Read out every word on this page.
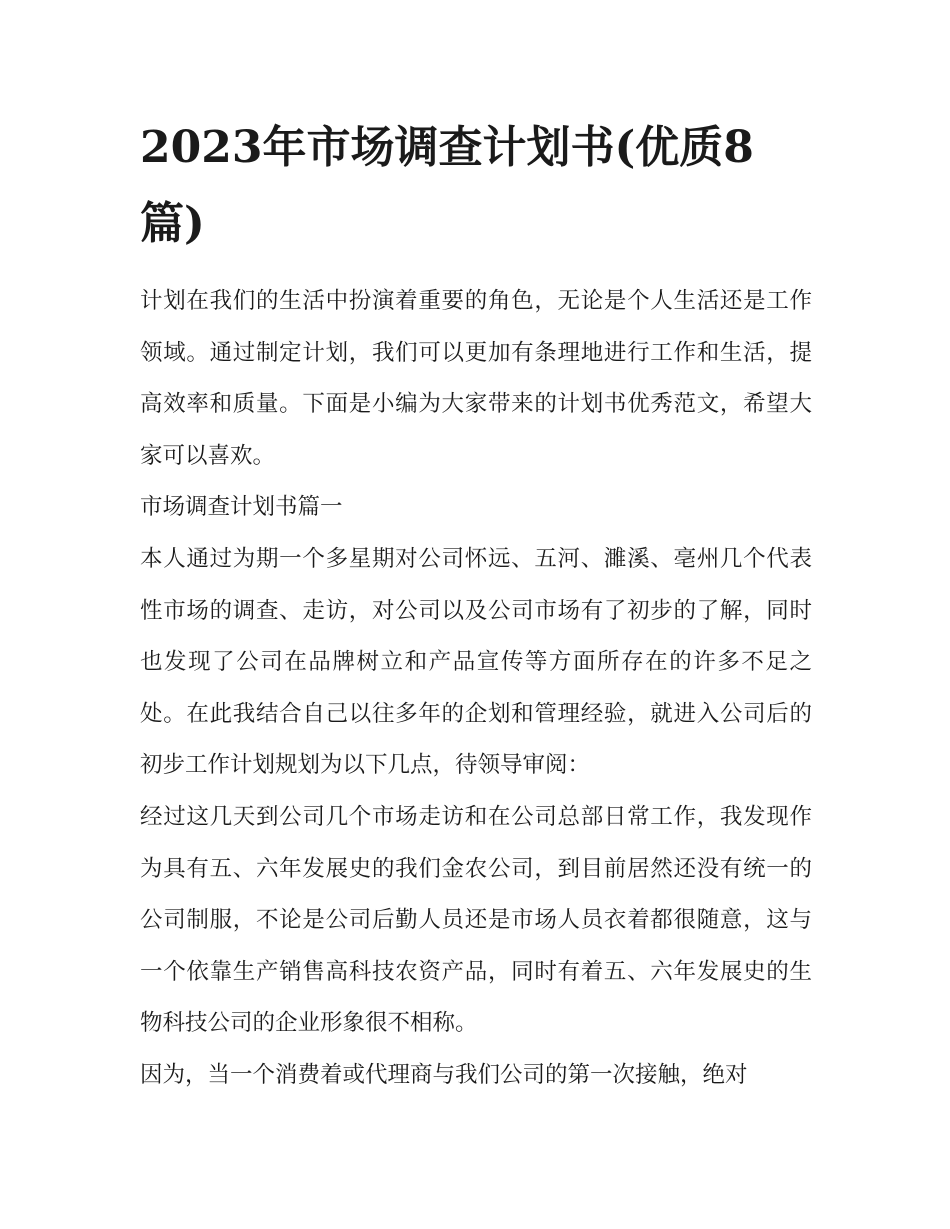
2023年市场调查计划书(优质8篇)

计划在我们的生活中扮演着重要的角色，无论是个人生活还是工作领域。通过制定计划，我们可以更加有条理地进行工作和生活，提高效率和质量。下面是小编为大家带来的计划书优秀范文，希望大家可以喜欢。

市场调查计划书篇一

本人通过为期一个多星期对公司怀远、五河、濉溪、亳州几个代表性市场的调查、走访，对公司以及公司市场有了初步的了解，同时也发现了公司在品牌树立和产品宣传等方面所存在的许多不足之处。在此我结合自己以往多年的企划和管理经验，就进入公司后的初步工作计划规划为以下几点，待领导审阅：

经过这几天到公司几个市场走访和在公司总部日常工作，我发现作为具有五、六年发展史的我们金农公司，到目前居然还没有统一的公司制服，不论是公司后勤人员还是市场人员衣着都很随意，这与一个依靠生产销售高科技农资产品，同时有着五、六年发展史的生物科技公司的企业形象很不相称。

因为，当一个消费着或代理商与我们公司的第一次接触，绝对
